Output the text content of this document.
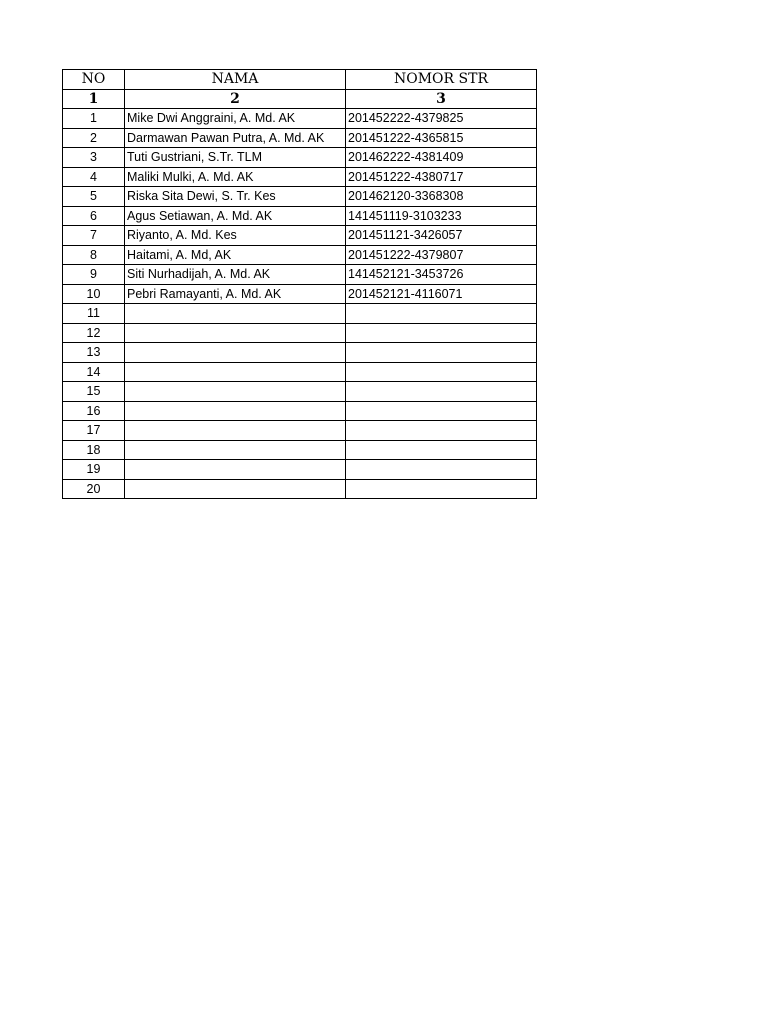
NO	NAMA	NOMOR STR
1	2	3
1	Mike Dwi Anggraini, A. Md. AK	201452222-4379825
2	Darmawan Pawan Putra, A. Md. AK	201451222-4365815
3	Tuti Gustriani, S.Tr. TLM	201462222-4381409
4	Maliki Mulki, A. Md. AK	201451222-4380717
5	Riska Sita Dewi, S. Tr. Kes	201462120-3368308
6	Agus Setiawan, A. Md. AK	141451119-3103233
7	Riyanto, A. Md. Kes	201451121-3426057
8	Haitami, A. Md, AK	201451222-4379807
9	Siti Nurhadijah, A. Md. AK	141452121-3453726
10	Pebri Ramayanti, A. Md. AK	201452121-4116071
11		
12		
13		
14		
15		
16		
17		
18		
19		
20		
